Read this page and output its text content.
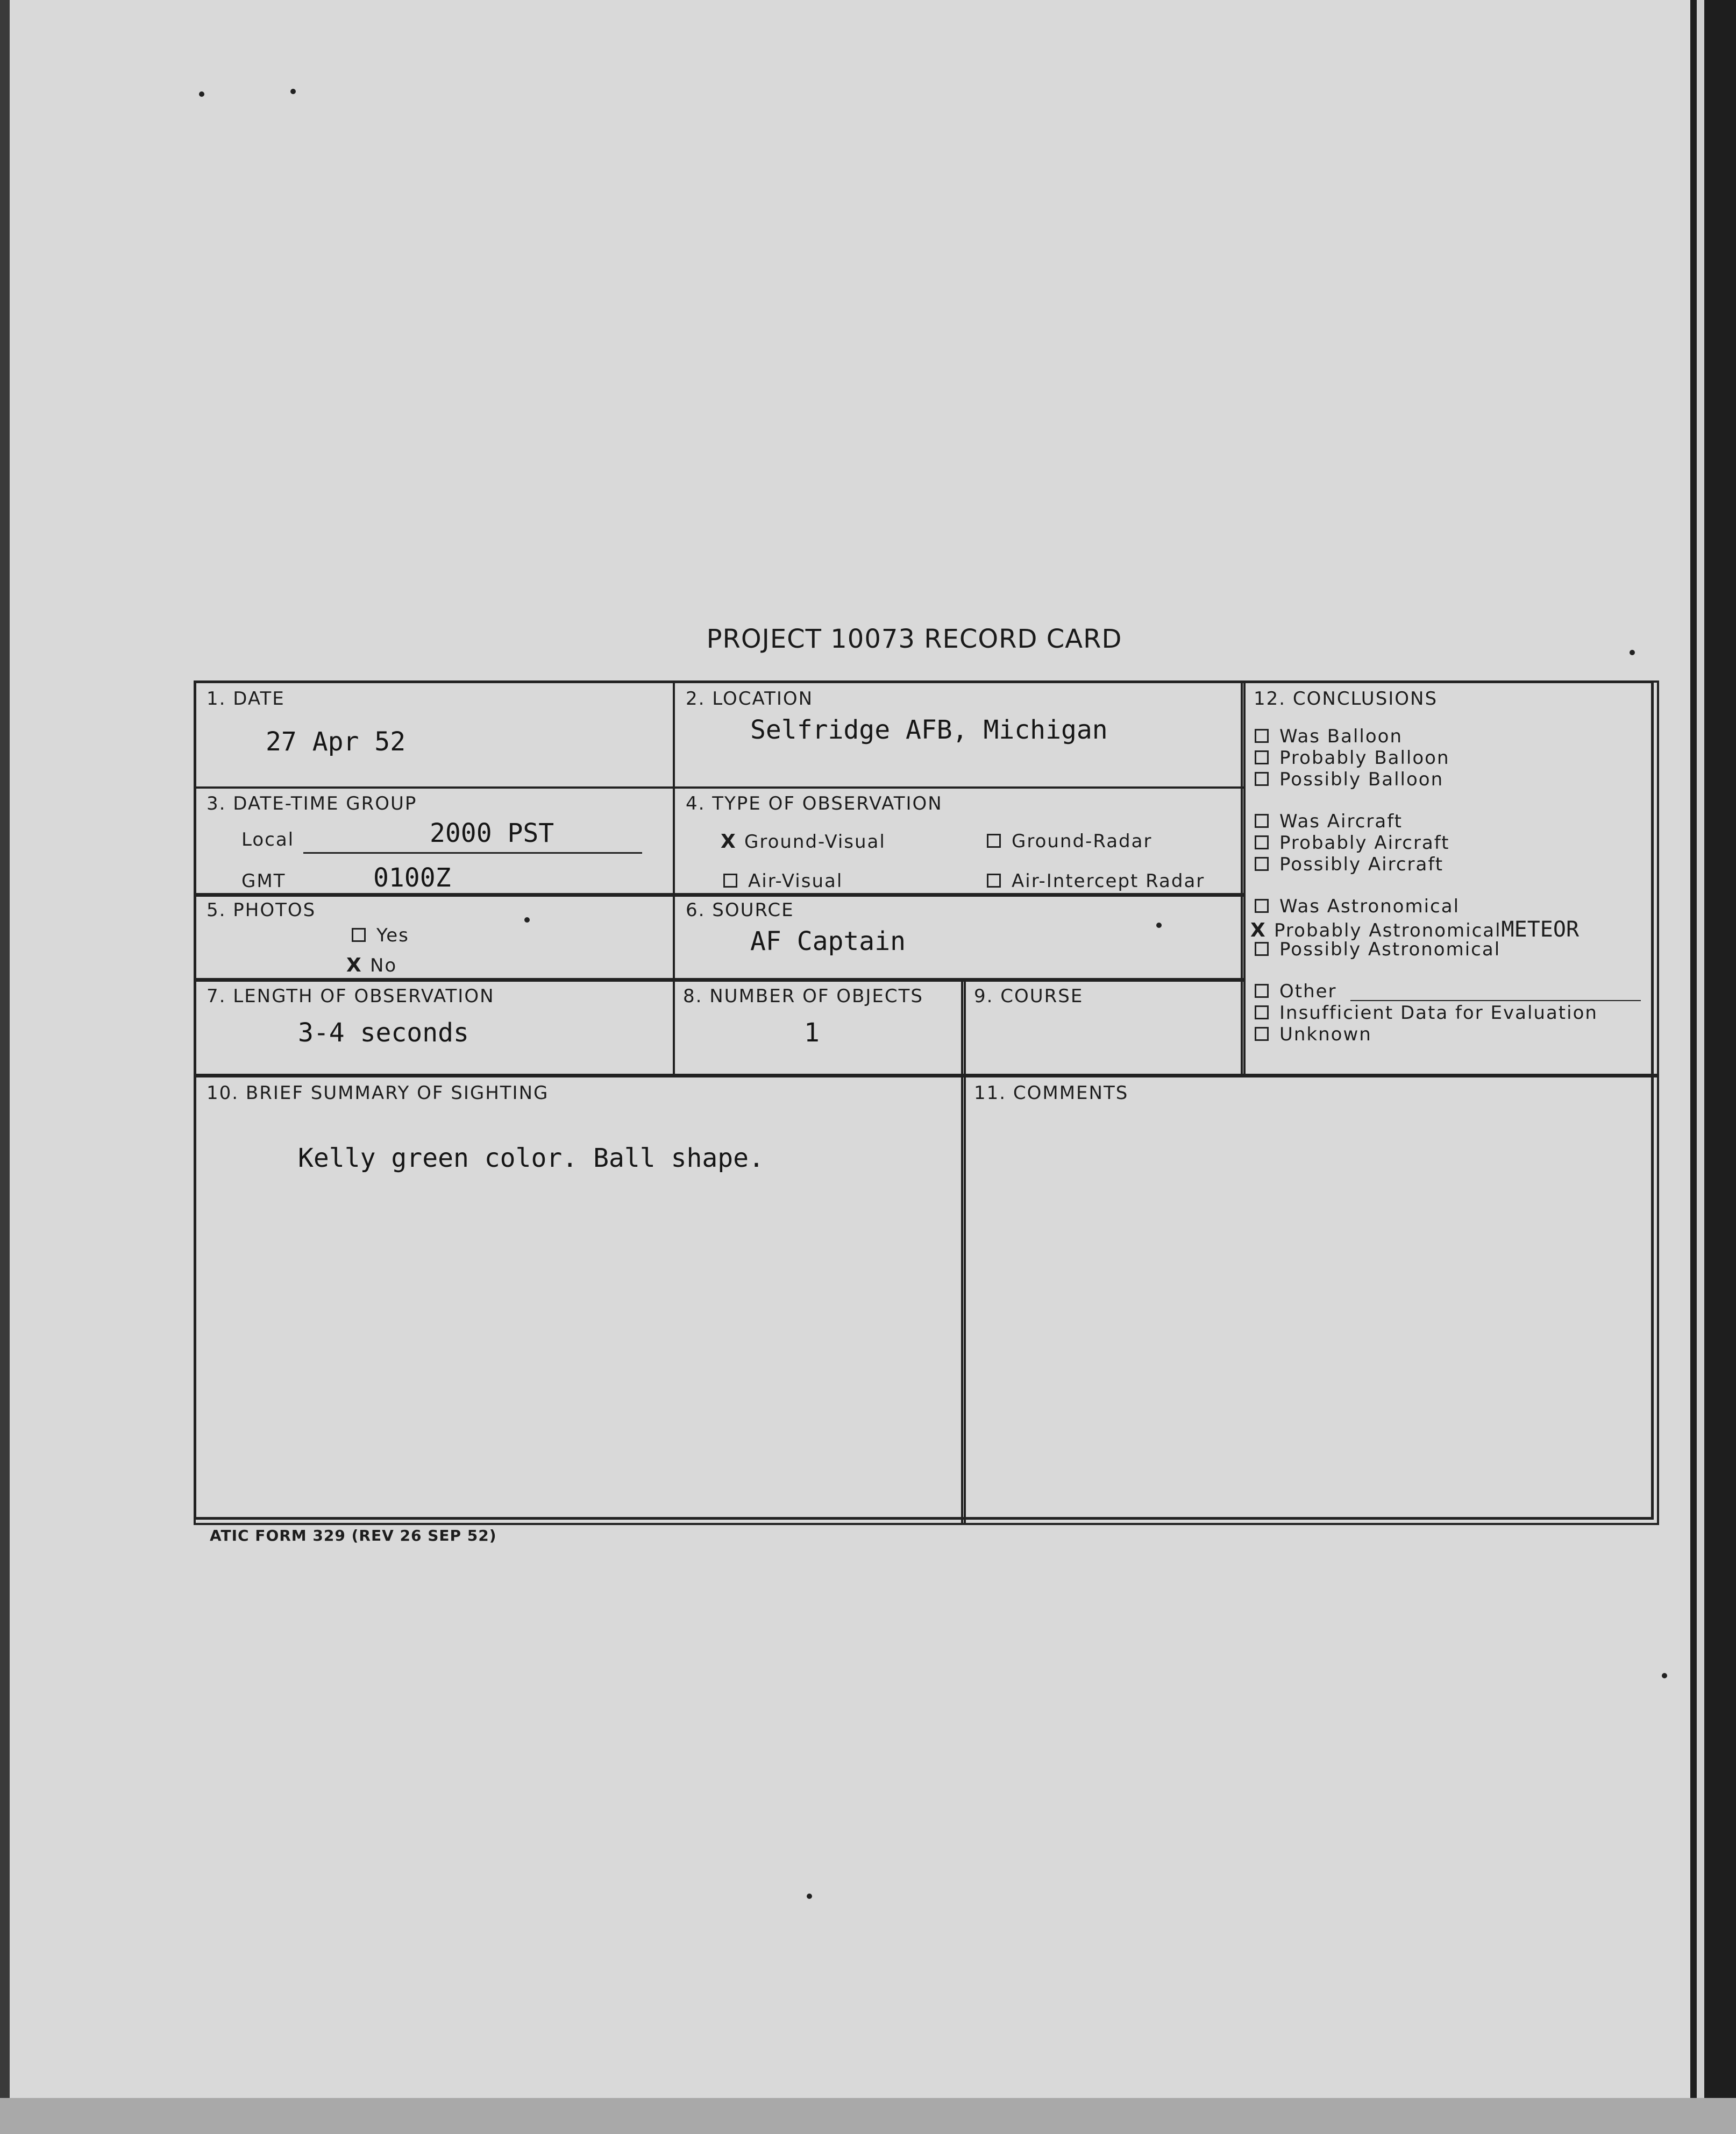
PROJECT 10073 RECORD CARD
1. DATE
27 Apr 52
2. LOCATION
Selfridge AFB, Michigan
3. DATE-TIME GROUP
Local	2000 PST
GMT	0100Z
4. TYPE OF OBSERVATION
X Ground-Visual	Ground-Radar
Air-Visual	Air-Intercept Radar
5. PHOTOS
Yes
X No
6. SOURCE
AF Captain
7. LENGTH OF OBSERVATION
3-4 seconds
8. NUMBER OF OBJECTS
1
9. COURSE
10. BRIEF SUMMARY OF SIGHTING
Kelly green color. Ball shape.
11. COMMENTS
12. CONCLUSIONS
Was Balloon
Probably Balloon
Possibly Balloon
Was Aircraft
Probably Aircraft
Possibly Aircraft
Was Astronomical
X Probably AstronomicalMETEOR
Possibly Astronomical
Other
Insufficient Data for Evaluation
Unknown
ATIC FORM 329 (REV 26 SEP 52)
